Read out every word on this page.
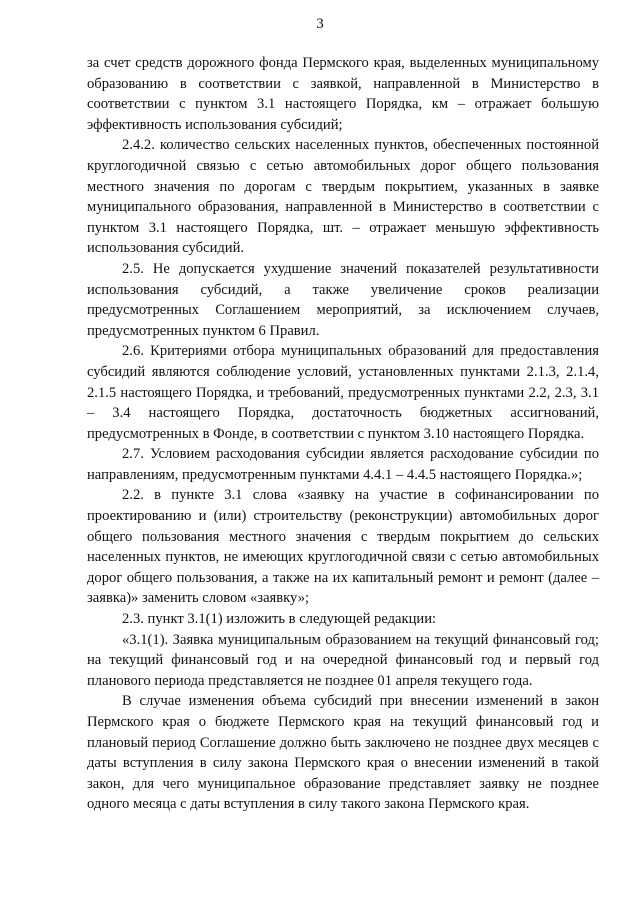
3

за счет средств дорожного фонда Пермского края, выделенных муниципальному образованию в соответствии с заявкой, направленной в Министерство в соответствии с пунктом 3.1 настоящего Порядка, км – отражает большую эффективность использования субсидий;

2.4.2. количество сельских населенных пунктов, обеспеченных постоянной круглогодичной связью с сетью автомобильных дорог общего пользования местного значения по дорогам с твердым покрытием, указанных в заявке муниципального образования, направленной в Министерство в соответствии с пунктом 3.1 настоящего Порядка, шт. – отражает меньшую эффективность использования субсидий.

2.5. Не допускается ухудшение значений показателей результативности использования субсидий, а также увеличение сроков реализации предусмотренных Соглашением мероприятий, за исключением случаев, предусмотренных пунктом 6 Правил.

2.6. Критериями отбора муниципальных образований для предоставления субсидий являются соблюдение условий, установленных пунктами 2.1.3, 2.1.4, 2.1.5 настоящего Порядка, и требований, предусмотренных пунктами 2.2, 2.3, 3.1 – 3.4 настоящего Порядка, достаточность бюджетных ассигнований, предусмотренных в Фонде, в соответствии с пунктом 3.10 настоящего Порядка.

2.7. Условием расходования субсидии является расходование субсидии по направлениям, предусмотренным пунктами 4.4.1 – 4.4.5 настоящего Порядка.»;

2.2. в пункте 3.1 слова «заявку на участие в софинансировании по проектированию и (или) строительству (реконструкции) автомобильных дорог общего пользования местного значения с твердым покрытием до сельских населенных пунктов, не имеющих круглогодичной связи с сетью автомобильных дорог общего пользования, а также на их капитальный ремонт и ремонт (далее – заявка)» заменить словом «заявку»;

2.3. пункт 3.1(1) изложить в следующей редакции:

«3.1(1). Заявка муниципальным образованием на текущий финансовый год; на текущий финансовый год и на очередной финансовый год и первый год планового периода представляется не позднее 01 апреля текущего года.

В случае изменения объема субсидий при внесении изменений в закон Пермского края о бюджете Пермского края на текущий финансовый год и плановый период Соглашение должно быть заключено не позднее двух месяцев с даты вступления в силу закона Пермского края о внесении изменений в такой закон, для чего муниципальное образование представляет заявку не позднее одного месяца с даты вступления в силу такого закона Пермского края.
